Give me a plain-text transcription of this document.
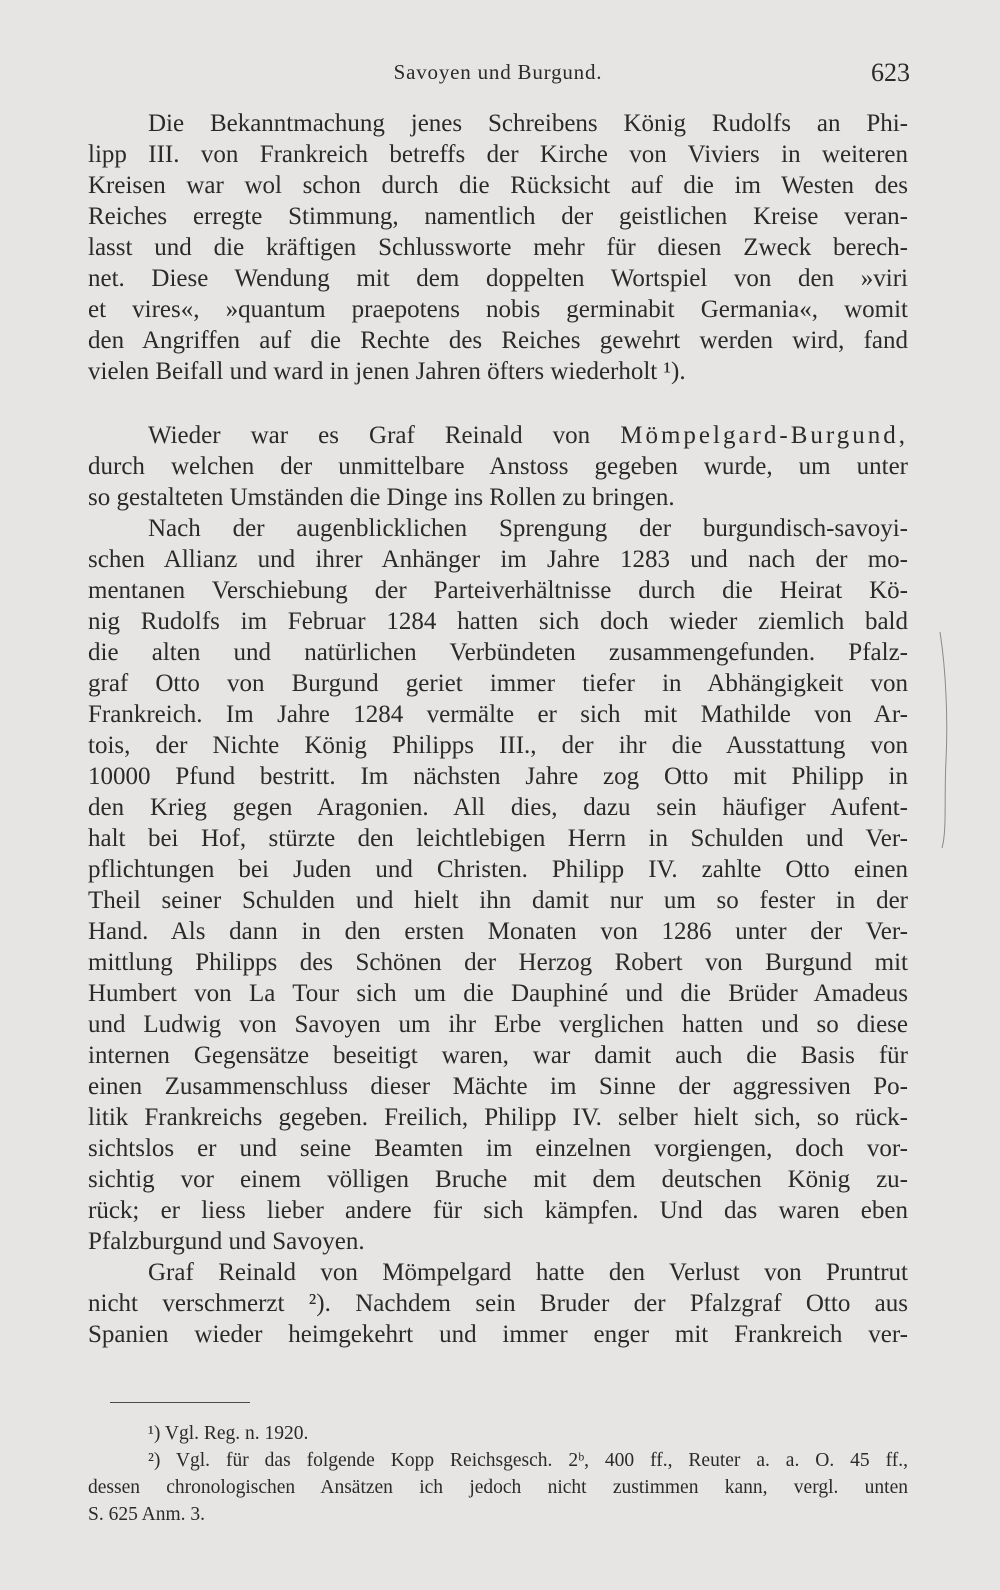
Savoyen und Burgund.	623
Die Bekanntmachung jenes Schreibens König Rudolfs an Phi-
lipp III. von Frankreich betreffs der Kirche von Viviers in weiteren
Kreisen war wol schon durch die Rücksicht auf die im Westen des
Reiches erregte Stimmung, namentlich der geistlichen Kreise veran-
lasst und die kräftigen Schlussworte mehr für diesen Zweck berech-
net. Diese Wendung mit dem doppelten Wortspiel von den »viri
et vires«, »quantum praepotens nobis germinabit Germania«, womit
den Angriffen auf die Rechte des Reiches gewehrt werden wird, fand
vielen Beifall und ward in jenen Jahren öfters wiederholt ¹).
Wieder war es Graf Reinald von Mömpelgard-Burgund,
durch welchen der unmittelbare Anstoss gegeben wurde, um unter
so gestalteten Umständen die Dinge ins Rollen zu bringen.
Nach der augenblicklichen Sprengung der burgundisch-savoyi-
schen Allianz und ihrer Anhänger im Jahre 1283 und nach der mo-
mentanen Verschiebung der Parteiverhältnisse durch die Heirat Kö-
nig Rudolfs im Februar 1284 hatten sich doch wieder ziemlich bald
die alten und natürlichen Verbündeten zusammengefunden. Pfalz-
graf Otto von Burgund geriet immer tiefer in Abhängigkeit von
Frankreich. Im Jahre 1284 vermälte er sich mit Mathilde von Ar-
tois, der Nichte König Philipps III., der ihr die Ausstattung von
10000 Pfund bestritt. Im nächsten Jahre zog Otto mit Philipp in
den Krieg gegen Aragonien. All dies, dazu sein häufiger Aufent-
halt bei Hof, stürzte den leichtlebigen Herrn in Schulden und Ver-
pflichtungen bei Juden und Christen. Philipp IV. zahlte Otto einen
Theil seiner Schulden und hielt ihn damit nur um so fester in der
Hand. Als dann in den ersten Monaten von 1286 unter der Ver-
mittlung Philipps des Schönen der Herzog Robert von Burgund mit
Humbert von La Tour sich um die Dauphiné und die Brüder Amadeus
und Ludwig von Savoyen um ihr Erbe verglichen hatten und so diese
internen Gegensätze beseitigt waren, war damit auch die Basis für
einen Zusammenschluss dieser Mächte im Sinne der aggressiven Po-
litik Frankreichs gegeben. Freilich, Philipp IV. selber hielt sich, so rück-
sichtslos er und seine Beamten im einzelnen vorgiengen, doch vor-
sichtig vor einem völligen Bruche mit dem deutschen König zu-
rück; er liess lieber andere für sich kämpfen. Und das waren eben
Pfalzburgund und Savoyen.
Graf Reinald von Mömpelgard hatte den Verlust von Pruntrut
nicht verschmerzt ²). Nachdem sein Bruder der Pfalzgraf Otto aus
Spanien wieder heimgekehrt und immer enger mit Frankreich ver-
¹) Vgl. Reg. n. 1920.
²) Vgl. für das folgende Kopp Reichsgesch. 2ᵇ, 400 ff., Reuter a. a. O. 45 ff.,
dessen chronologischen Ansätzen ich jedoch nicht zustimmen kann, vergl. unten
S. 625 Anm. 3.
